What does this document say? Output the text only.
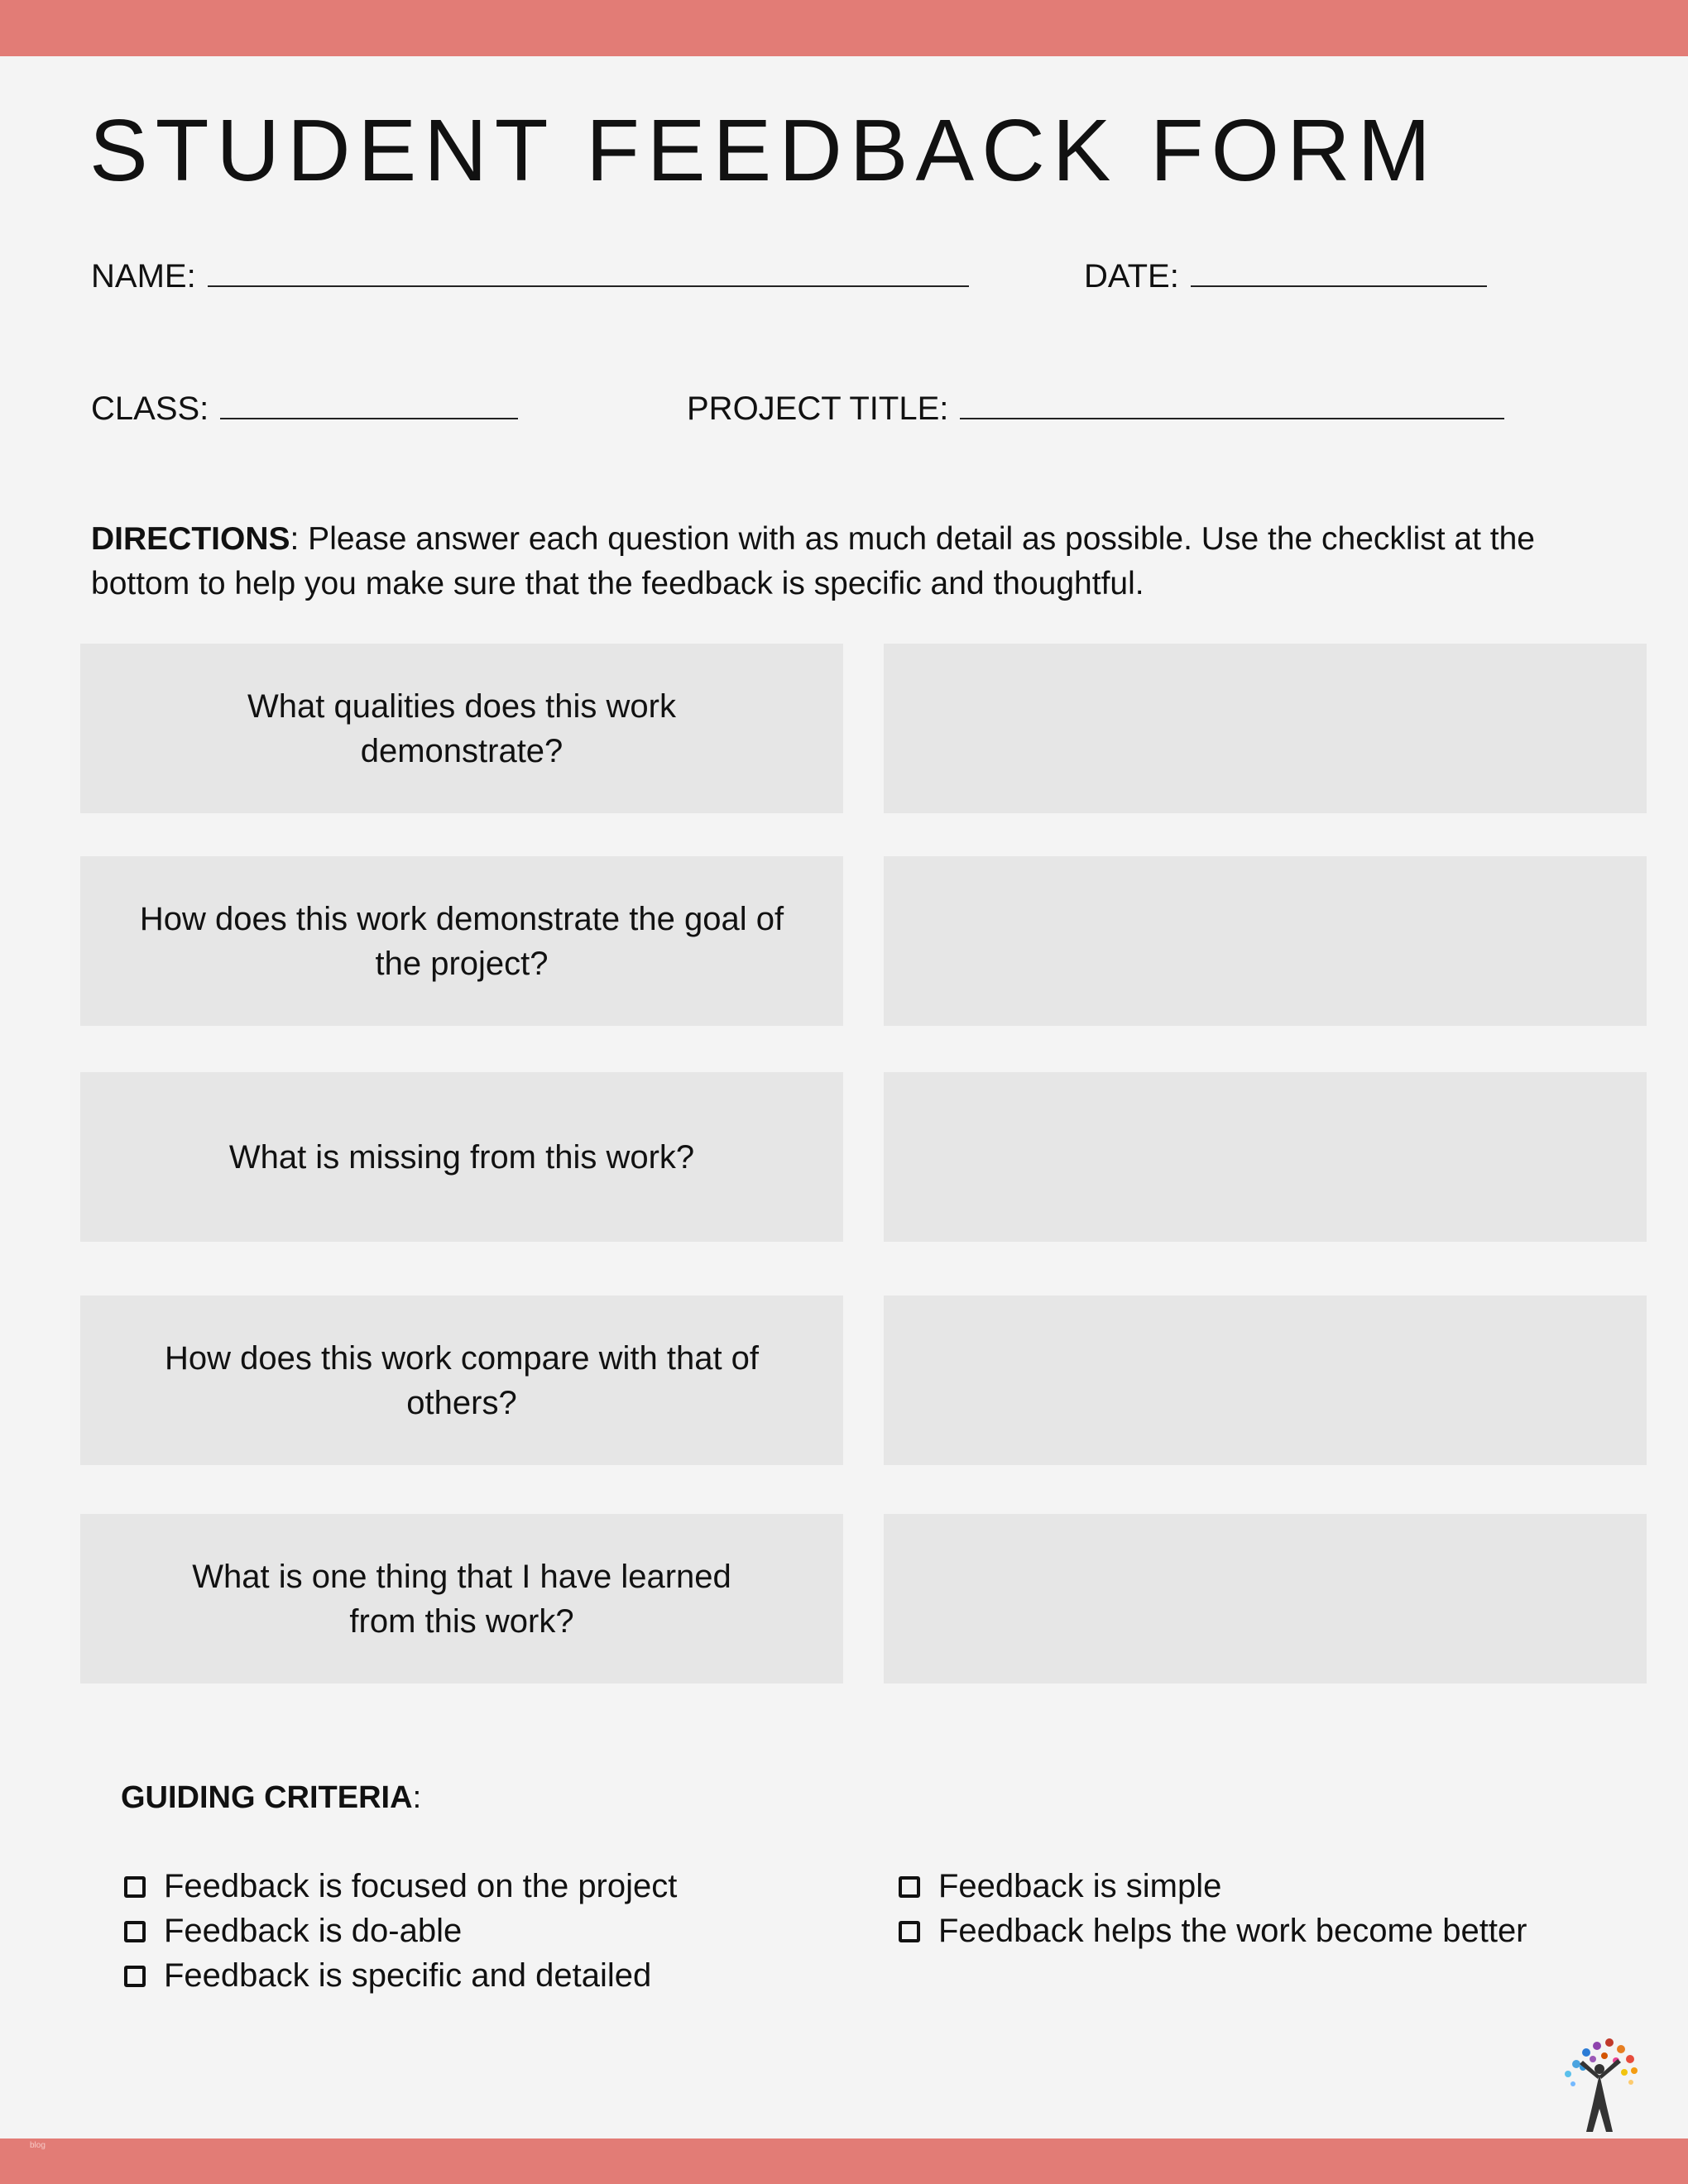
STUDENT FEEDBACK FORM
NAME:	DATE:
CLASS:	PROJECT TITLE:
DIRECTIONS: Please answer each question with as much detail as possible. Use the checklist at the bottom to help you make sure that the feedback is specific and thoughtful.
What qualities does this work demonstrate?
How does this work demonstrate the goal of the project?
What is missing from this work?
How does this work compare with that of others?
What is one thing that I have learned from this work?
GUIDING CRITERIA:
Feedback is focused on the project
Feedback is do-able
Feedback is specific and detailed
Feedback is simple
Feedback helps the work become better
blog
